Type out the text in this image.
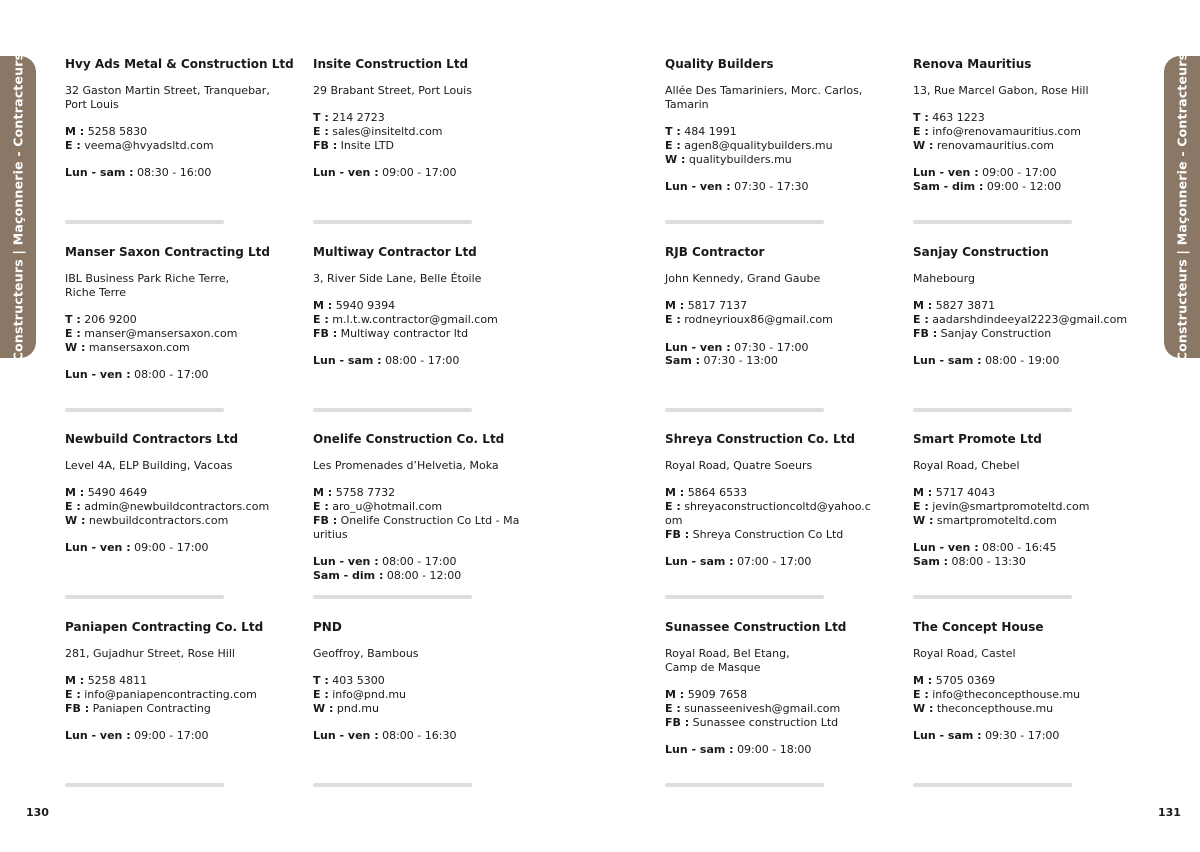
Constructeurs | Maçonnerie - Contracteurs	Constructeurs | Maçonnerie - Contracteurs
Hvy Ads Metal & Construction Ltd
32 Gaston Martin Street, Tranquebar,
Port Louis
M : 5258 5830
E : veema@hvyadsltd.com
Lun - sam : 08:30 - 16:00
Manser Saxon Contracting Ltd
IBL Business Park Riche Terre,
Riche Terre
T : 206 9200
E : manser@mansersaxon.com
W : mansersaxon.com
Lun - ven : 08:00 - 17:00
Newbuild Contractors Ltd
Level 4A, ELP Building, Vacoas
M : 5490 4649
E : admin@newbuildcontractors.com
W : newbuildcontractors.com
Lun - ven : 09:00 - 17:00
Paniapen Contracting Co. Ltd
281, Gujadhur Street, Rose Hill
M : 5258 4811
E : info@paniapencontracting.com
FB : Paniapen Contracting
Lun - ven : 09:00 - 17:00
Insite Construction Ltd
29 Brabant Street, Port Louis
T : 214 2723
E : sales@insiteltd.com
FB : Insite LTD
Lun - ven : 09:00 - 17:00
Multiway Contractor Ltd
3, River Side Lane, Belle Étoile
M : 5940 9394
E : m.l.t.w.contractor@gmail.com
FB : Multiway contractor ltd
Lun - sam : 08:00 - 17:00
Onelife Construction Co. Ltd
Les Promenades d’Helvetia, Moka
M : 5758 7732
E : aro_u@hotmail.com
FB : Onelife Construction Co Ltd - Mauritius
Lun - ven : 08:00 - 17:00
Sam - dim : 08:00 - 12:00
PND
Geoffroy, Bambous
T : 403 5300
E : info@pnd.mu
W : pnd.mu
Lun - ven : 08:00 - 16:30
Quality Builders
Allée Des Tamariniers, Morc. Carlos,
Tamarin
T : 484 1991
E : agen8@qualitybuilders.mu
W : qualitybuilders.mu
Lun - ven : 07:30 - 17:30
RJB Contractor
John Kennedy, Grand Gaube
M : 5817 7137
E : rodneyrioux86@gmail.com
Lun - ven : 07:30 - 17:00
Sam : 07:30 - 13:00
Shreya Construction Co. Ltd
Royal Road, Quatre Soeurs
M : 5864 6533
E : shreyaconstructioncoltd@yahoo.com
FB : Shreya Construction Co Ltd
Lun - sam : 07:00 - 17:00
Sunassee Construction Ltd
Royal Road, Bel Etang,
Camp de Masque
M : 5909 7658
E : sunasseenivesh@gmail.com
FB : Sunassee construction Ltd
Lun - sam : 09:00 - 18:00
Renova Mauritius
13, Rue Marcel Gabon, Rose Hill
T : 463 1223
E : info@renovamauritius.com
W : renovamauritius.com
Lun - ven : 09:00 - 17:00
Sam - dim : 09:00 - 12:00
Sanjay Construction
Mahebourg
M : 5827 3871
E : aadarshdindeeyal2223@gmail.com
FB : Sanjay Construction
Lun - sam : 08:00 - 19:00
Smart Promote Ltd
Royal Road, Chebel
M : 5717 4043
E : jevin@smartpromoteltd.com
W : smartpromoteltd.com
Lun - ven : 08:00 - 16:45
Sam : 08:00 - 13:30
The Concept House
Royal Road, Castel
M : 5705 0369
E : info@theconcepthouse.mu
W : theconcepthouse.mu
Lun - sam : 09:30 - 17:00
130	131
